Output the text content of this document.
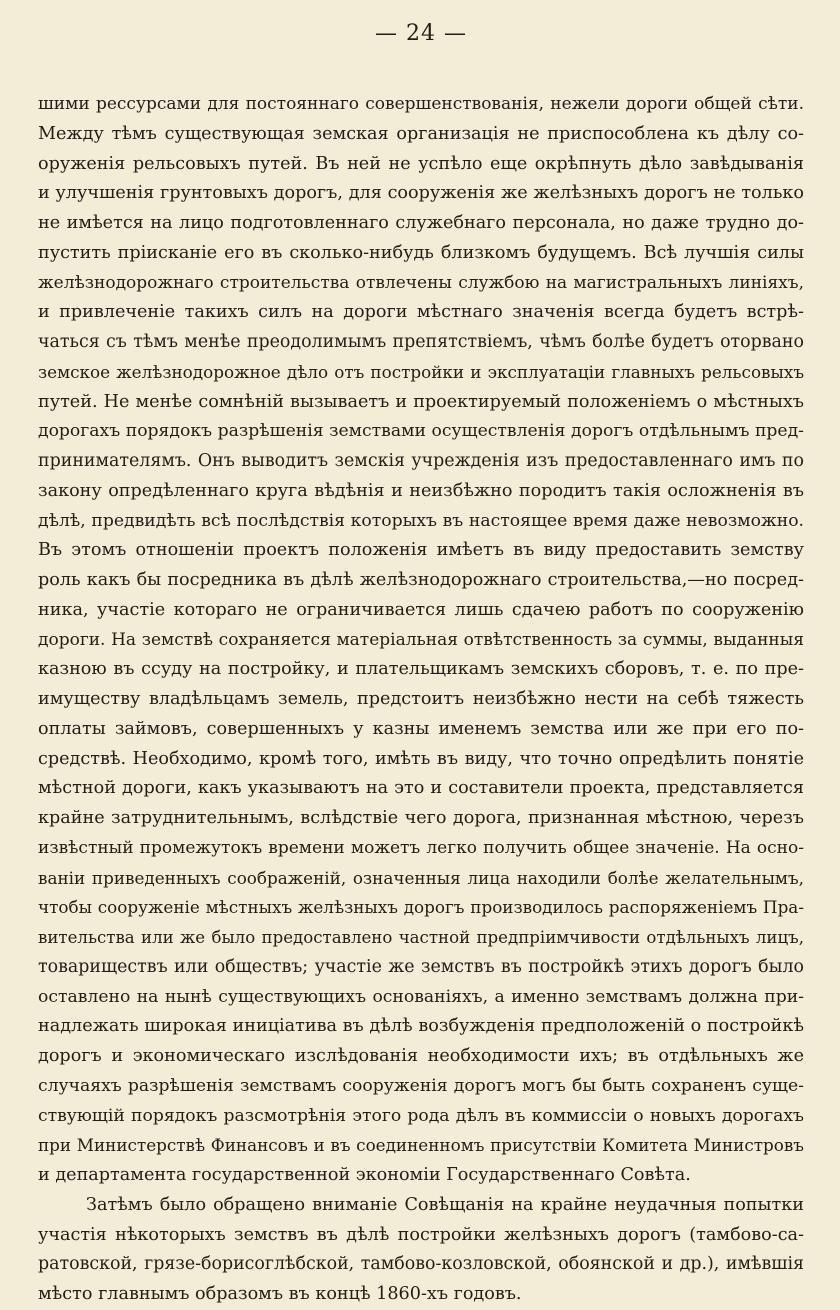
— 24 —
шими рессурсами для постояннаго совершенствованія, нежели дороги общей сѣти.
Между тѣмъ существующая земская организація не приспособлена къ дѣлу со-
оруженія рельсовыхъ путей. Въ ней не успѣло еще окрѣпнуть дѣло завѣдыванія
и улучшенія грунтовыхъ дорогъ, для сооруженія же желѣзныхъ дорогъ не только
не имѣется на лицо подготовленнаго служебнаго персонала, но даже трудно до-
пустить пріисканіе его въ сколько-нибудь близкомъ будущемъ. Всѣ лучшія силы
желѣзнодорожнаго строительства отвлечены службою на магистральныхъ линіяхъ,
и привлеченіе такихъ силъ на дороги мѣстнаго значенія всегда будетъ встрѣ-
чаться съ тѣмъ менѣе преодолимымъ препятствіемъ, чѣмъ болѣе будетъ оторвано
земское желѣзнодорожное дѣло отъ постройки и эксплуатаціи главныхъ рельсовыхъ
путей. Не менѣе сомнѣній вызываетъ и проектируемый положеніемъ о мѣстныхъ
дорогахъ порядокъ разрѣшенія земствами осуществленія дорогъ отдѣльнымъ пред-
принимателямъ. Онъ выводитъ земскія учрежденія изъ предоставленнаго имъ по
закону опредѣленнаго круга вѣдѣнія и неизбѣжно породитъ такія осложненія въ
дѣлѣ, предвидѣть всѣ послѣдствія которыхъ въ настоящее время даже невозможно.
Въ этомъ отношеніи проектъ положенія имѣетъ въ виду предоставить земству
роль какъ бы посредника въ дѣлѣ желѣзнодорожнаго строительства,—но посред-
ника, участіе котораго не ограничивается лишь сдачею работъ по сооруженію
дороги. На земствѣ сохраняется матеріальная отвѣтственность за суммы, выданныя
казною въ ссуду на постройку, и плательщикамъ земскихъ сборовъ, т. е. по пре-
имуществу владѣльцамъ земель, предстоитъ неизбѣжно нести на себѣ тяжесть
оплаты займовъ, совершенныхъ у казны именемъ земства или же при его по-
средствѣ. Необходимо, кромѣ того, имѣть въ виду, что точно опредѣлить понятіе
мѣстной дороги, какъ указываютъ на это и составители проекта, представляется
крайне затруднительнымъ, вслѣдствіе чего дорога, признанная мѣстною, черезъ
извѣстный промежутокъ времени можетъ легко получить общее значеніе. На осно-
ваніи приведенныхъ соображеній, означенныя лица находили болѣе желательнымъ,
чтобы сооруженіе мѣстныхъ желѣзныхъ дорогъ производилось распоряженіемъ Пра-
вительства или же было предоставлено частной предпріимчивости отдѣльныхъ лицъ,
товариществъ или обществъ; участіе же земствъ въ постройкѣ этихъ дорогъ было
оставлено на нынѣ существующихъ основаніяхъ, а именно земствамъ должна при-
надлежать широкая иниціатива въ дѣлѣ возбужденія предположеній о постройкѣ
дорогъ и экономическаго изслѣдованія необходимости ихъ; въ отдѣльныхъ же
случаяхъ разрѣшенія земствамъ сооруженія дорогъ могъ бы быть сохраненъ суще-
ствующій порядокъ разсмотрѣнія этого рода дѣлъ въ коммиссіи о новыхъ дорогахъ
при Министерствѣ Финансовъ и въ соединенномъ присутствіи Комитета Министровъ
и департамента государственной экономіи Государственнаго Совѣта.
Затѣмъ было обращено вниманіе Совѣщанія на крайне неудачныя попытки
участія нѣкоторыхъ земствъ въ дѣлѣ постройки желѣзныхъ дорогъ (тамбово-са-
ратовской, грязе-борисоглѣбской, тамбово-козловской, обоянской и др.), имѣвшія
мѣсто главнымъ образомъ въ концѣ 1860-хъ годовъ.
